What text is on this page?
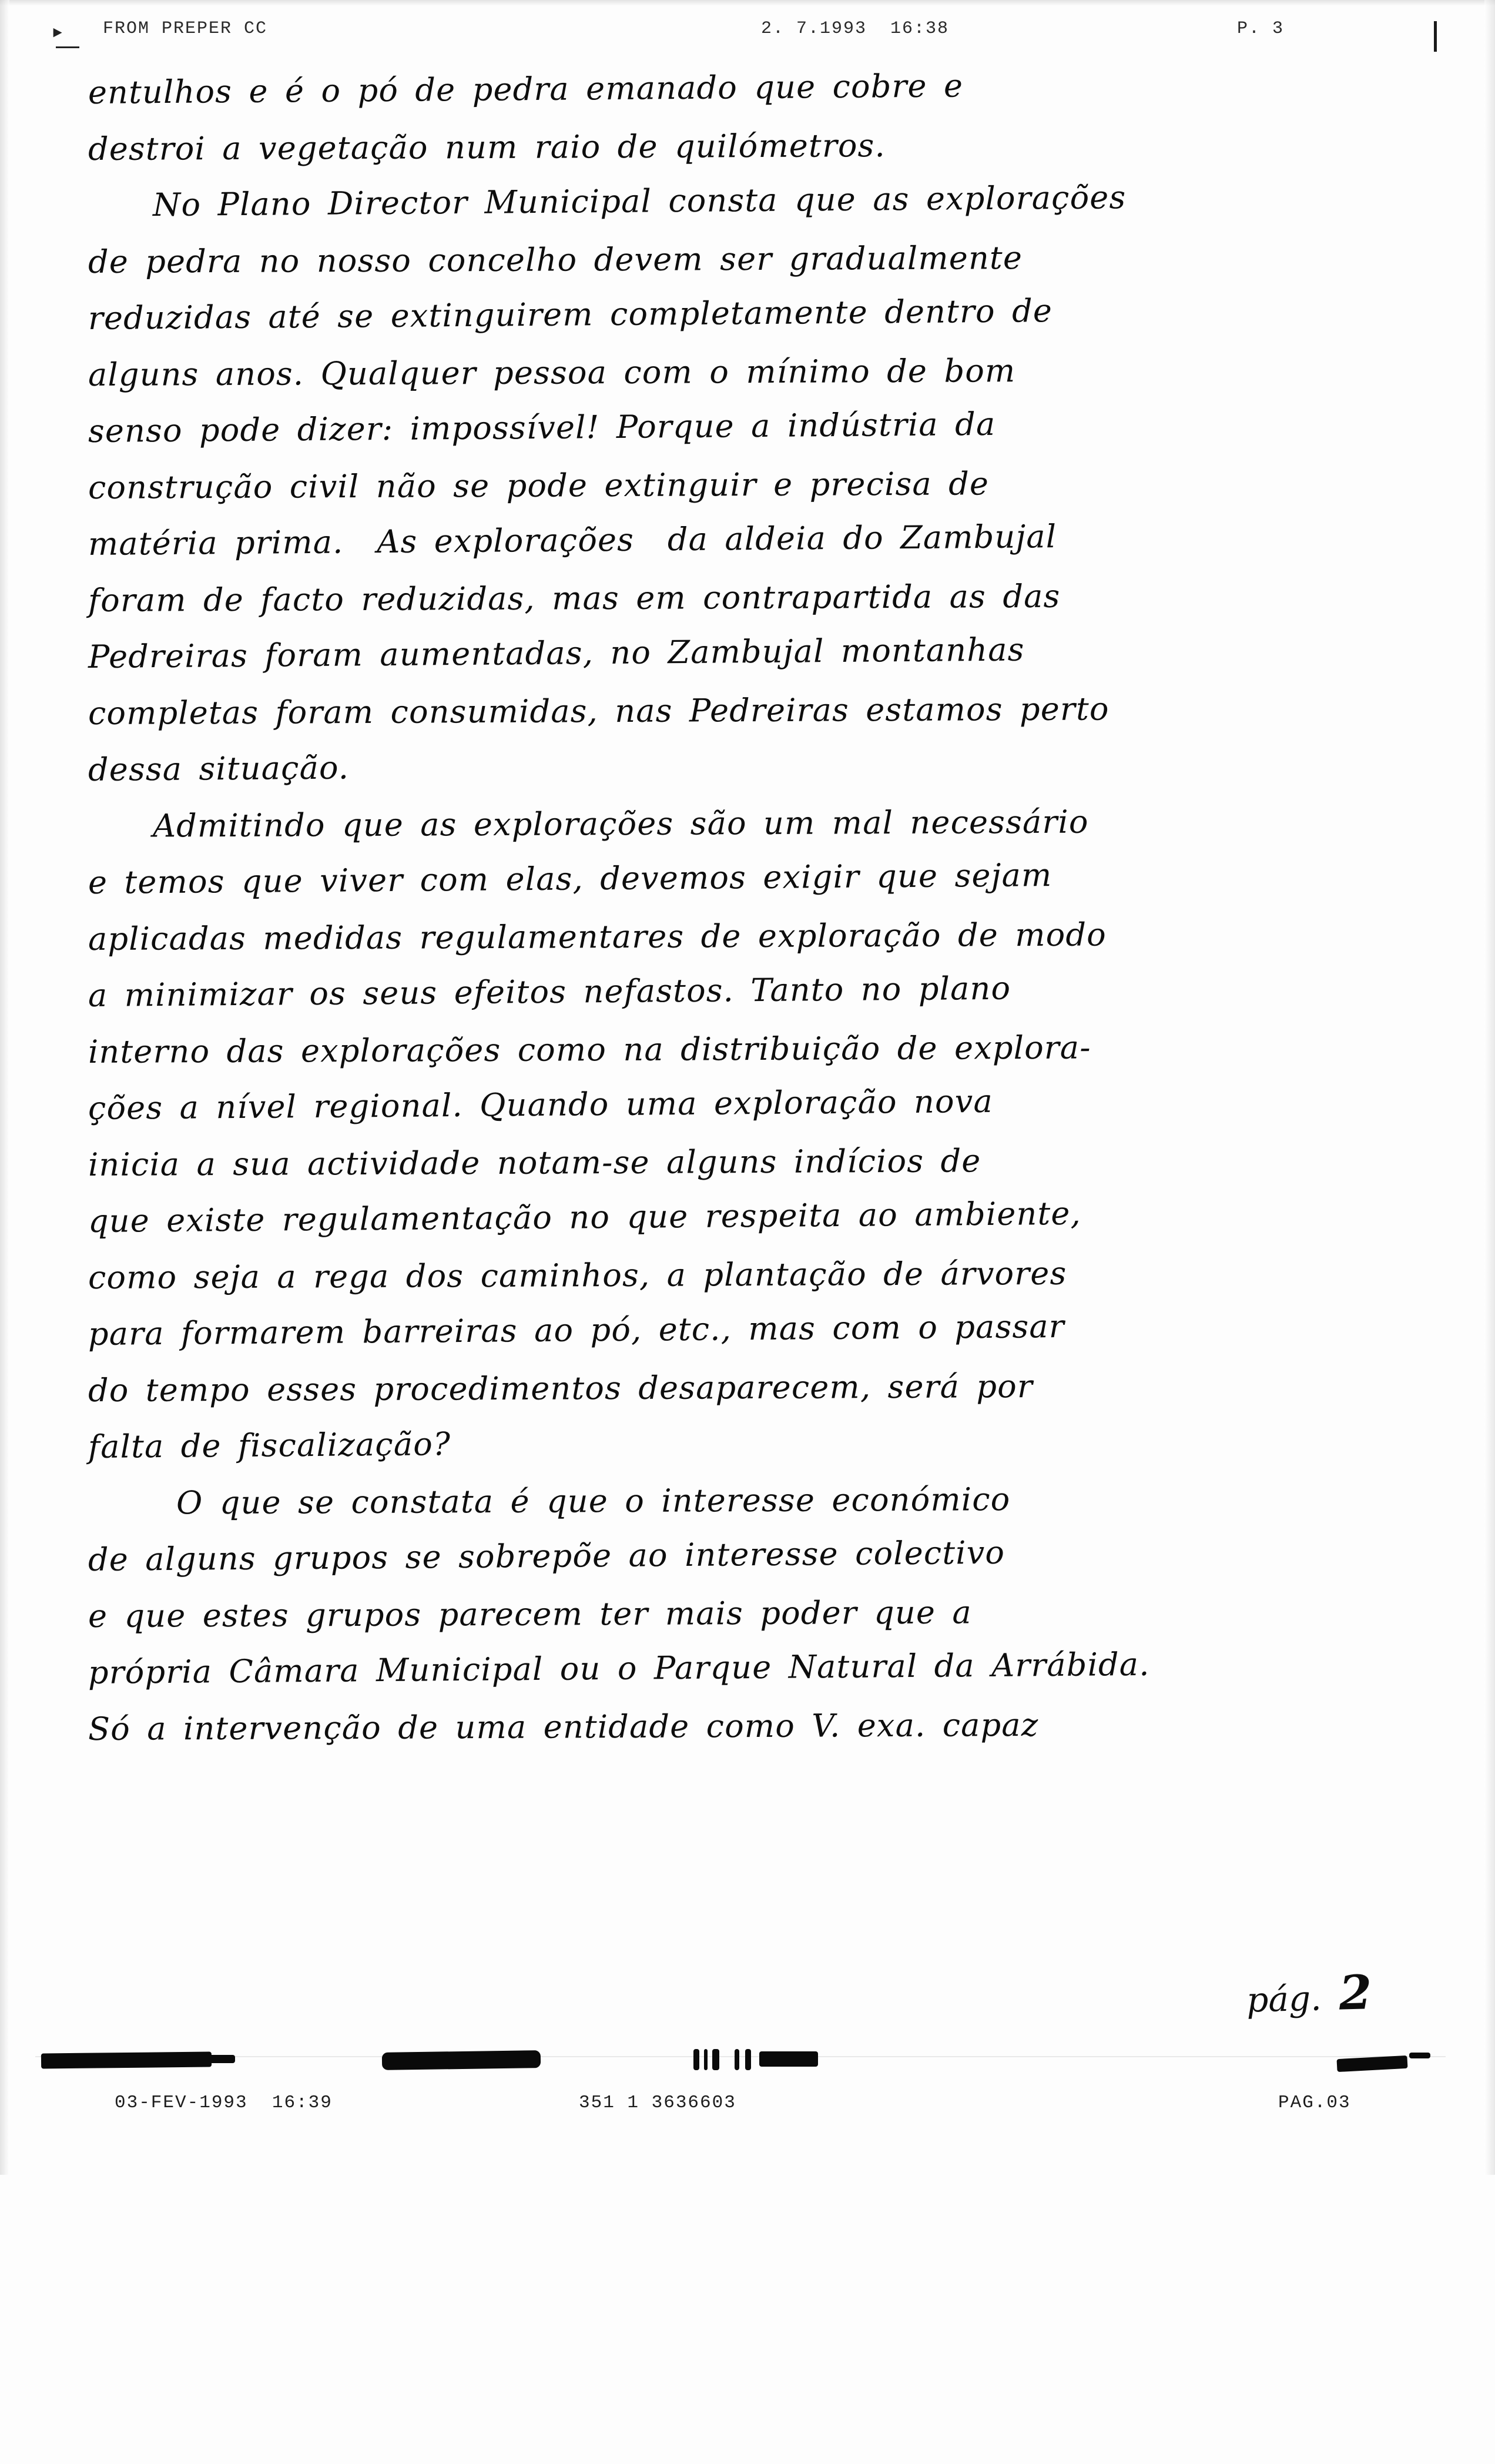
►	FROM PREPER CC	2. 7.1993  16:38	P. 3
entulhos e é o pó de pedra emanado que cobre e
destroi a vegetação num raio de quilómetros.
No Plano Director Municipal consta que as explorações
de pedra no nosso concelho devem ser gradualmente
reduzidas até se extinguirem completamente dentro de
alguns anos. Qualquer pessoa com o mínimo de bom
senso pode dizer: impossível! Porque a indústria da
construção civil não se pode extinguir e precisa de
matéria prima.  As explorações  da aldeia do Zambujal
foram de facto reduzidas, mas em contrapartida as das
Pedreiras foram aumentadas, no Zambujal montanhas
completas foram consumidas, nas Pedreiras estamos perto
dessa situação.
Admitindo que as explorações são um mal necessário
e temos que viver com elas, devemos exigir que sejam
aplicadas medidas regulamentares de exploração de modo
a minimizar os seus efeitos nefastos. Tanto no plano
interno das explorações como na distribuição de explora-
ções a nível regional. Quando uma exploração nova
inicia a sua actividade notam-se alguns indícios de
que existe regulamentação no que respeita ao ambiente,
como seja a rega dos caminhos, a plantação de árvores
para formarem barreiras ao pó, etc., mas com o passar
do tempo esses procedimentos desaparecem, será por
falta de fiscalização?
O que se constata é que o interesse económico
de alguns grupos se sobrepõe ao interesse colectivo
e que estes grupos parecem ter mais poder que a
própria Câmara Municipal ou o Parque Natural da Arrábida.
Só a intervenção de uma entidade como V. exa. capaz
pág. 2
03-FEV-1993  16:39	351 1 3636603	PAG.03
